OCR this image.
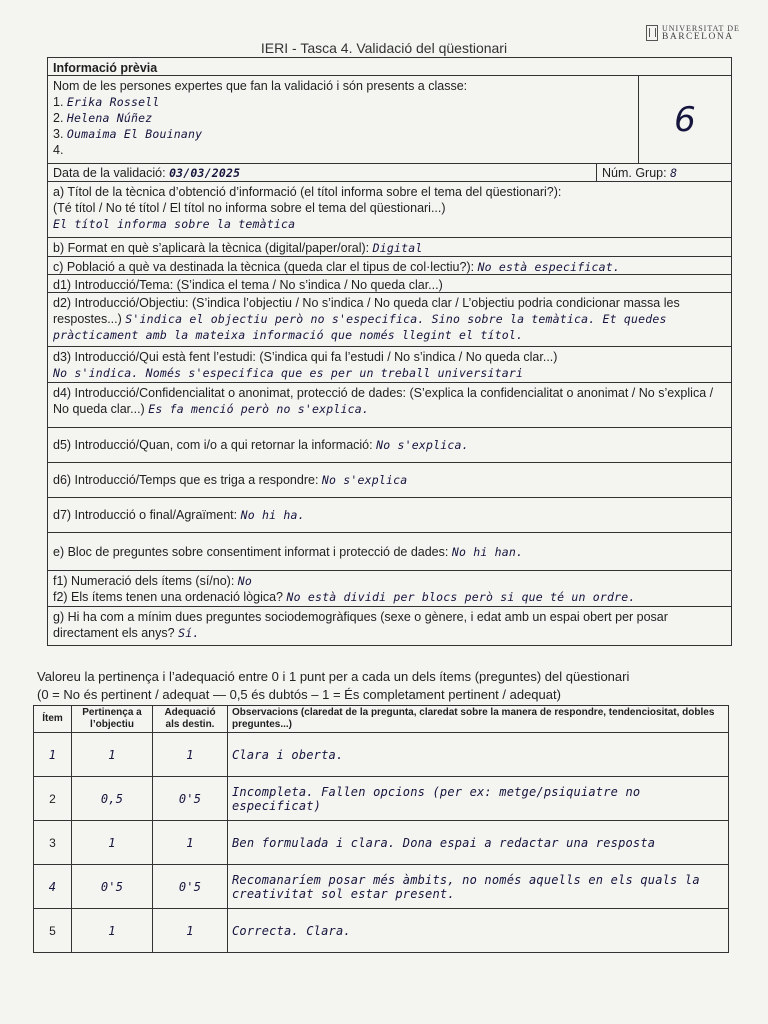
UNIVERSITAT DE
BARCELONA
IERI - Tasca 4. Validació del qüestionari
Informació prèvia
Nom de les persones expertes que fan la validació i són presents a classe:
1. Erika Rossell
2. Helena Núñez
3. Oumaima El Bouinany
4.
6
Data de la validació: 03/03/2025	Núm. Grup: 8
a) Títol de la tècnica d’obtenció d’informació (el títol informa sobre el tema del qüestionari?):
(Té títol / No té títol / El títol no informa sobre el tema del qüestionari...)
El títol informa sobre la temàtica
b) Format en què s’aplicarà la tècnica (digital/paper/oral): Digital
c) Població a què va destinada la tècnica (queda clar el tipus de col·lectiu?): No està especificat.
d1) Introducció/Tema: (S’indica el tema / No s’indica / No queda clar...)
d2) Introducció/Objectiu: (S’indica l’objectiu / No s’indica / No queda clar / L’objectiu podria condicionar massa les respostes...) S'indica el objectiu però no s'especifica. Sino sobre la temàtica. Et quedes pràcticament amb la mateixa informació que només llegint el títol.
d3) Introducció/Qui està fent l’estudi: (S’indica qui fa l’estudi / No s’indica / No queda clar...)
No s'indica. Només s'especifica que es per un treball universitari
d4) Introducció/Confidencialitat o anonimat, protecció de dades: (S’explica la confidencialitat o anonimat / No s’explica / No queda clar...) Es fa menció però no s'explica.
d5) Introducció/Quan, com i/o a qui retornar la informació: No s'explica.
d6) Introducció/Temps que es triga a respondre: No s'explica
d7) Introducció o final/Agraïment: No hi ha.
e) Bloc de preguntes sobre consentiment informat i protecció de dades: No hi han.
f1) Numeració dels ítems (sí/no): No
f2) Els ítems tenen una ordenació lògica? No està dividi per blocs però si que té un ordre.
g) Hi ha com a mínim dues preguntes sociodemogràfiques (sexe o gènere, i edat amb un espai obert per posar directament els anys? Sí.
Valoreu la pertinença i l’adequació entre 0 i 1 punt per a cada un dels ítems (preguntes) del qüestionari
(0 = No és pertinent / adequat — 0,5 és dubtós – 1 = És completament pertinent / adequat)
Ítem	Pertinença a l’objectiu	Adequació als destin.	Observacions (claredat de la pregunta, claredat sobre la manera de respondre, tendenciositat, dobles preguntes...)
1	1	1	Clara i oberta.
2	0,5	0'5	Incompleta. Fallen opcions (per ex: metge/psiquiatre no especificat)
3	1	1	Ben formulada i clara. Dona espai a redactar una resposta
4	0'5	0'5	Recomanaríem posar més àmbits, no només aquells en els quals la creativitat sol estar present.
5	1	1	Correcta. Clara.
